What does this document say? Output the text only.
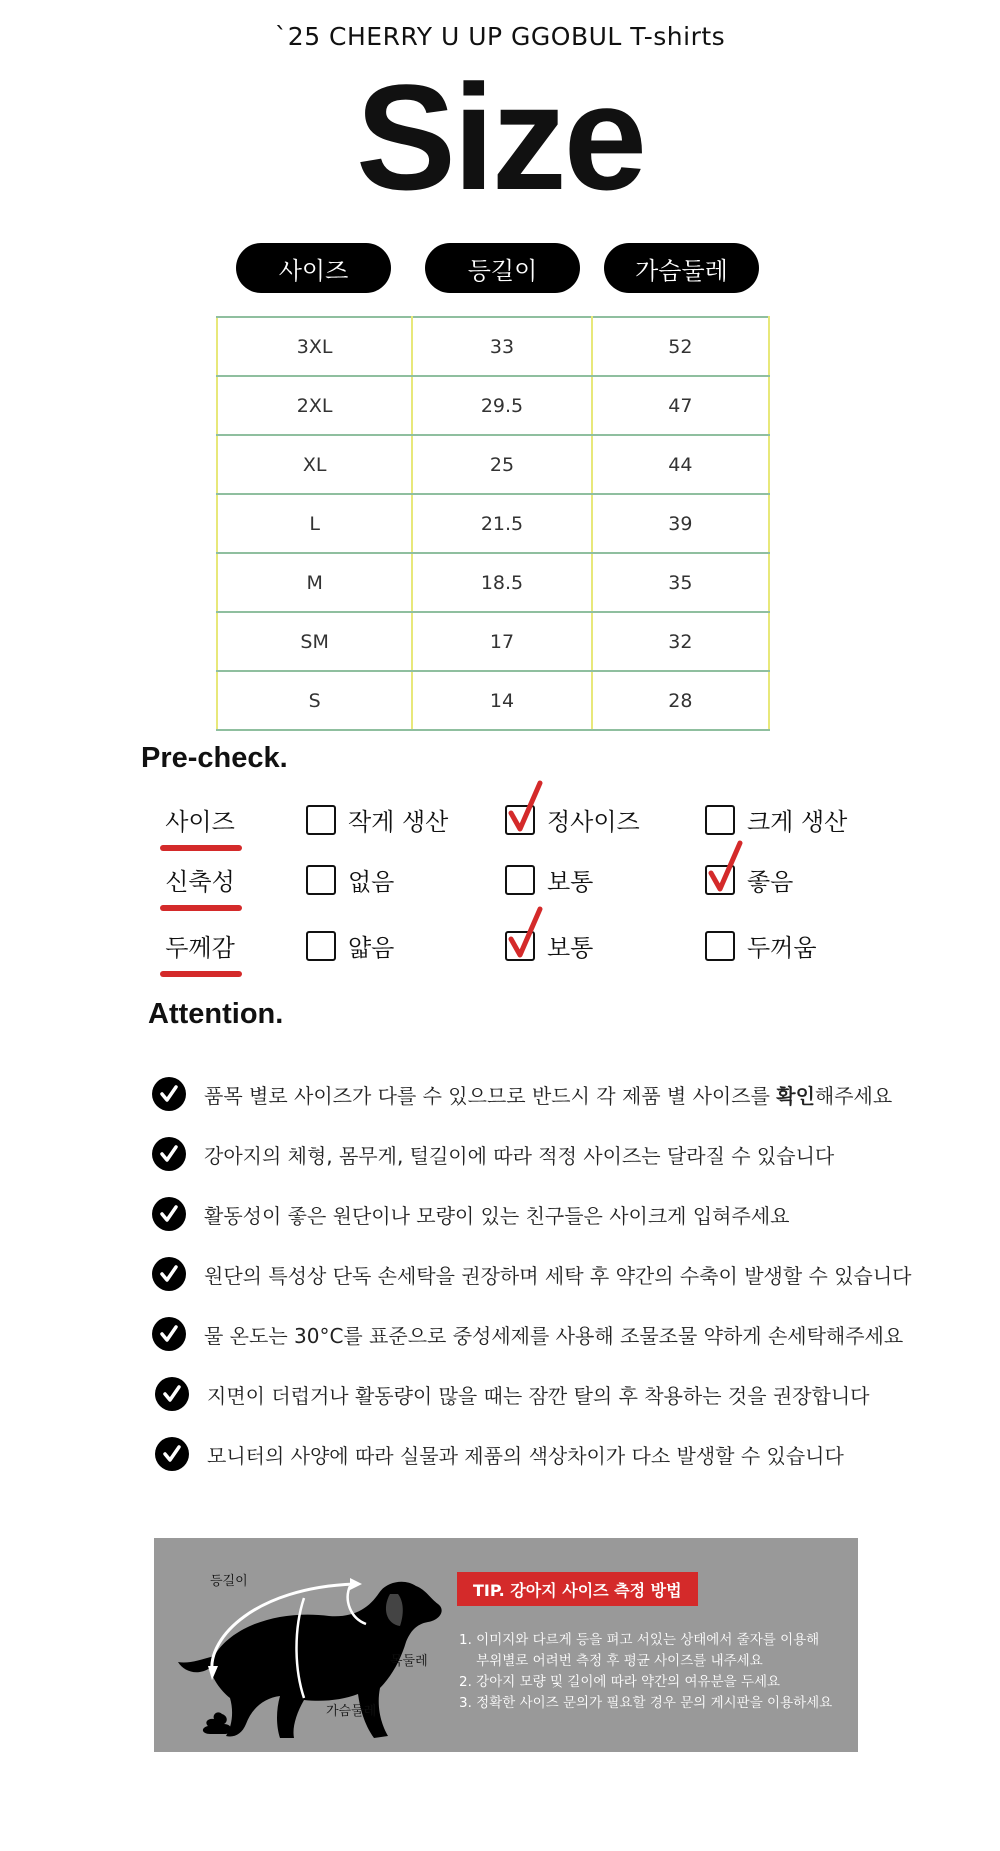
`25 CHERRY U UP GGOBUL T-shirts
Size
사이즈	등길이	가슴둘레
3XL	33	52
2XL	29.5	47
XL	25	44
L	21.5	39
M	18.5	35
SM	17	32
S	14	28
Pre-check.
사이즈	작게 생산	정사이즈	크게 생산
신축성	없음	보통	좋음
두께감	얇음	보통	두꺼움
Attention.
품목 별로 사이즈가 다를 수 있으므로 반드시 각 제품 별 사이즈를 확인해주세요
강아지의 체형, 몸무게, 털길이에 따라 적정 사이즈는 달라질 수 있습니다
활동성이 좋은 원단이나 모량이 있는 친구들은 사이크게 입혀주세요
원단의 특성상 단독 손세탁을 권장하며 세탁 후 약간의 수축이 발생할 수 있습니다
물 온도는 30°C를 표준으로 중성세제를 사용해 조물조물 약하게 손세탁해주세요
지면이 더럽거나 활동량이 많을 때는 잠깐 탈의 후 착용하는 것을 권장합니다
모니터의 사양에 따라 실물과 제품의 색상차이가 다소 발생할 수 있습니다
등길이
목둘레
가슴둘레
TIP. 강아지 사이즈 측정 방법
1. 이미지와 다르게 등을 펴고 서있는 상태에서 줄자를 이용해
부위별로 어려번 측정 후 평균 사이즈를 내주세요
2. 강아지 모량 및 길이에 따라 약간의 여유분을 두세요
3. 정확한 사이즈 문의가 필요할 경우 문의 게시판을 이용하세요
